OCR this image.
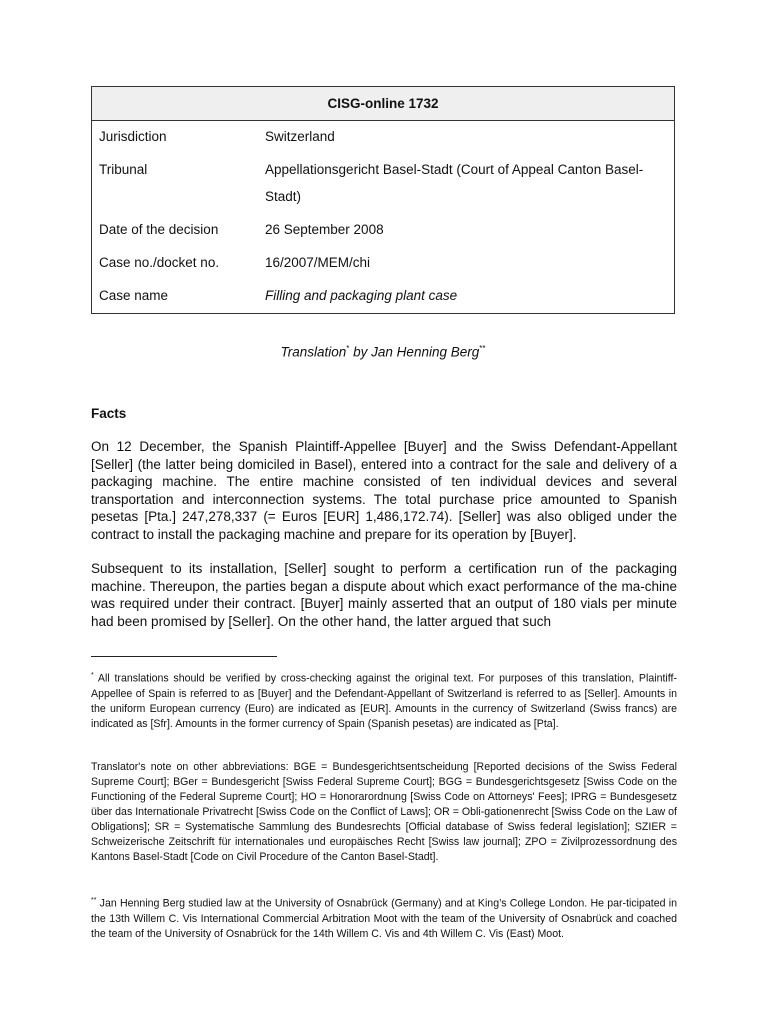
CISG-online 1732
Jurisdiction	Switzerland
Tribunal	Appellationsgericht Basel-Stadt (Court of Appeal Canton Basel-Stadt)
Date of the decision	26 September 2008
Case no./docket no.	16/2007/MEM/chi
Case name	Filling and packaging plant case
Translation* by Jan Henning Berg**
Facts

On 12 December, the Spanish Plaintiff-Appellee [Buyer] and the Swiss Defendant-Appellant [Seller] (the latter being domiciled in Basel), entered into a contract for the sale and delivery of a packaging machine. The entire machine consisted of ten individual devices and several transportation and interconnection systems. The total purchase price amounted to Spanish pesetas [Pta.] 247,278,337 (= Euros [EUR] 1,486,172.74). [Seller] was also obliged under the contract to install the packaging machine and prepare for its operation by [Buyer].

Subsequent to its installation, [Seller] sought to perform a certification run of the packaging machine. Thereupon, the parties began a dispute about which exact performance of the ma-chine was required under their contract. [Buyer] mainly asserted that an output of 180 vials per minute had been promised by [Seller]. On the other hand, the latter argued that such

* All translations should be verified by cross-checking against the original text. For purposes of this translation, Plaintiff-Appellee of Spain is referred to as [Buyer] and the Defendant-Appellant of Switzerland is referred to as [Seller]. Amounts in the uniform European currency (Euro) are indicated as [EUR]. Amounts in the currency of Switzerland (Swiss francs) are indicated as [Sfr]. Amounts in the former currency of Spain (Spanish pesetas) are indicated as [Pta].

Translator's note on other abbreviations: BGE = Bundesgerichtsentscheidung [Reported decisions of the Swiss Federal Supreme Court]; BGer = Bundesgericht [Swiss Federal Supreme Court]; BGG = Bundesgerichtsgesetz [Swiss Code on the Functioning of the Federal Supreme Court]; HO = Honorarordnung [Swiss Code on Attorneys' Fees]; IPRG = Bundesgesetz über das Internationale Privatrecht [Swiss Code on the Conflict of Laws]; OR = Obli-gationenrecht [Swiss Code on the Law of Obligations]; SR = Systematische Sammlung des Bundesrechts [Official database of Swiss federal legislation]; SZIER = Schweizerische Zeitschrift für internationales und europäisches Recht [Swiss law journal]; ZPO = Zivilprozessordnung des Kantons Basel-Stadt [Code on Civil Procedure of the Canton Basel-Stadt].

** Jan Henning Berg studied law at the University of Osnabrück (Germany) and at King’s College London. He par-ticipated in the 13th Willem C. Vis International Commercial Arbitration Moot with the team of the University of Osnabrück and coached the team of the University of Osnabrück for the 14th Willem C. Vis and 4th Willem C. Vis (East) Moot.
